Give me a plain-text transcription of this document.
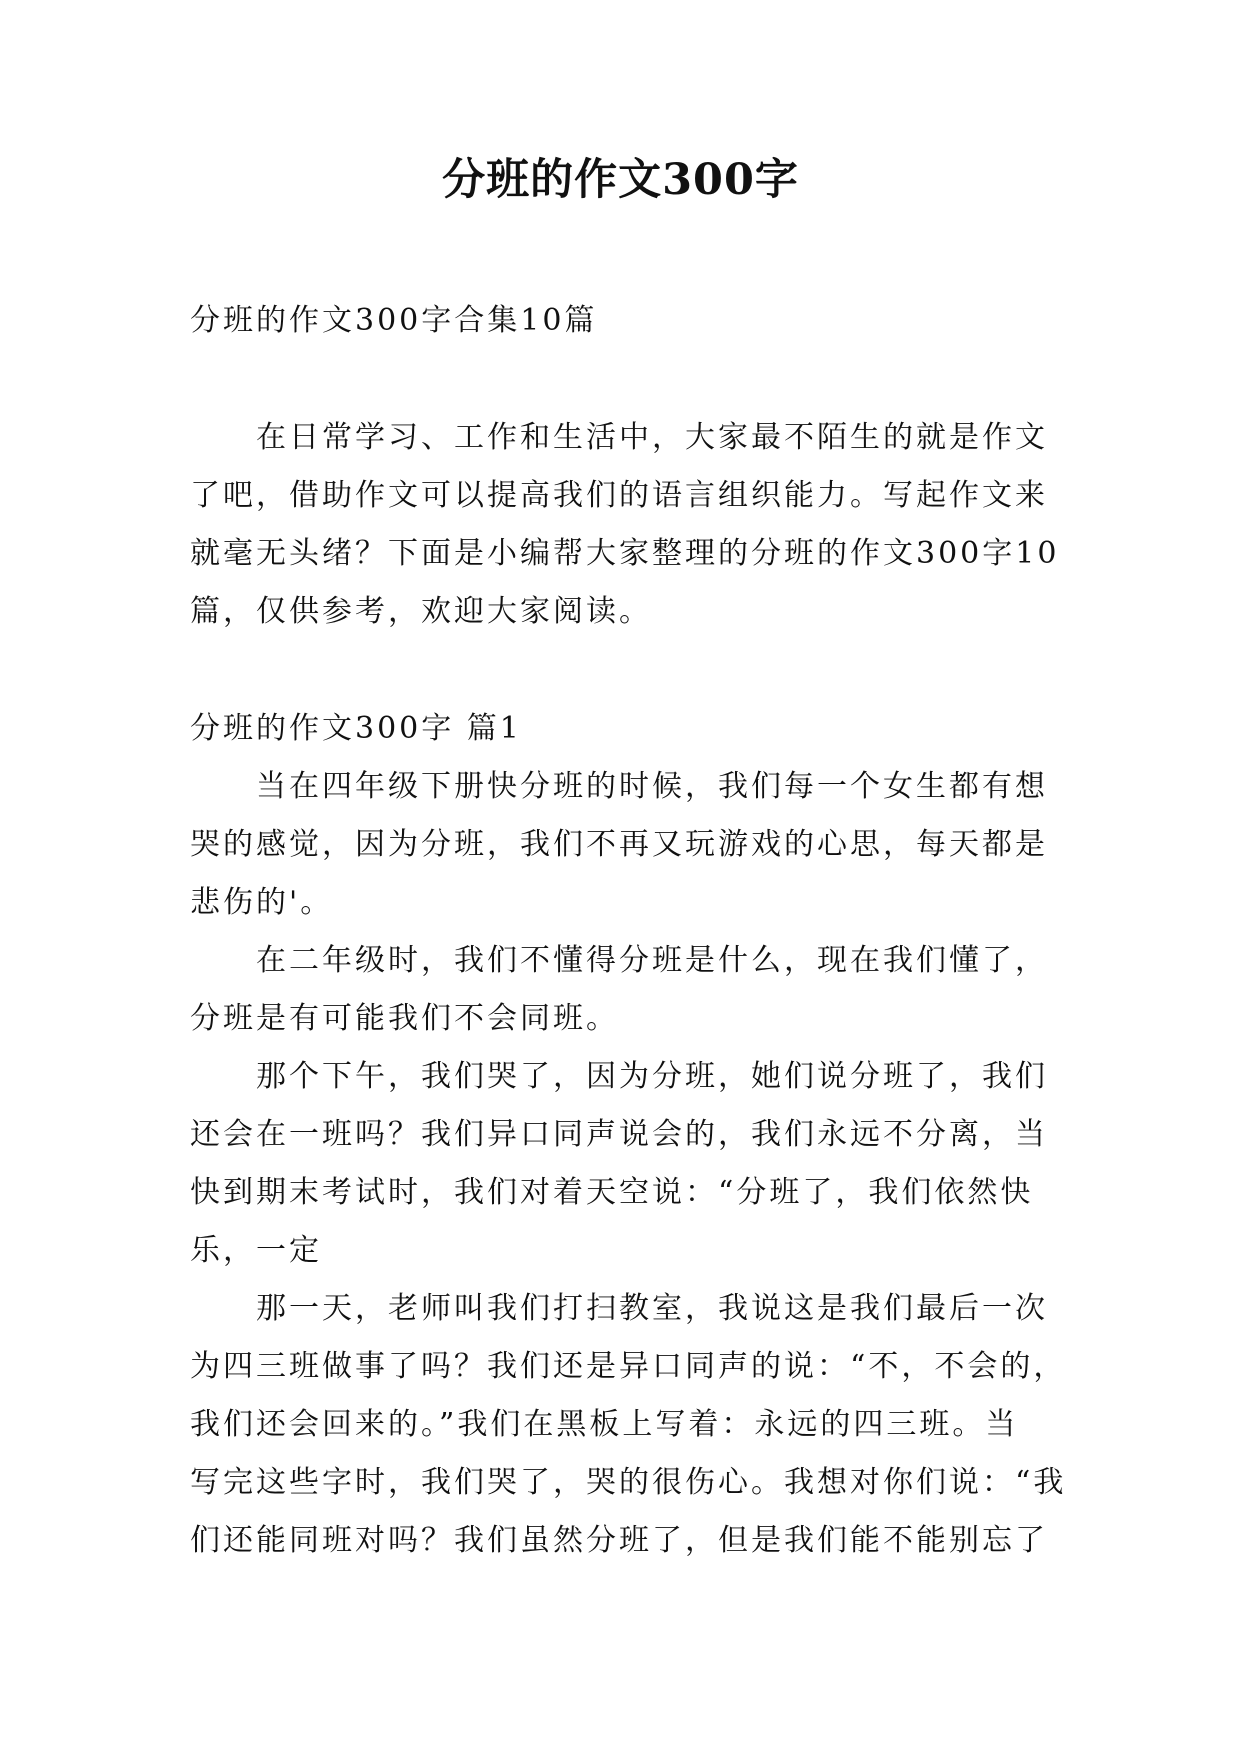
分班的作文300字
分班的作文300字合集10篇
　　在日常学习、工作和生活中，大家最不陌生的就是作文
了吧，借助作文可以提高我们的语言组织能力。写起作文来
就毫无头绪？下面是小编帮大家整理的分班的作文300字10
篇，仅供参考，欢迎大家阅读。
分班的作文300字 篇1
　　当在四年级下册快分班的时候，我们每一个女生都有想
哭的感觉，因为分班，我们不再又玩游戏的心思，每天都是
悲伤的'。
　　在二年级时，我们不懂得分班是什么，现在我们懂了，
分班是有可能我们不会同班。
　　那个下午，我们哭了，因为分班，她们说分班了，我们
还会在一班吗？我们异口同声说会的，我们永远不分离，当
快到期末考试时，我们对着天空说：“分班了，我们依然快
乐，一定
　　那一天，老师叫我们打扫教室，我说这是我们最后一次
为四三班做事了吗？我们还是异口同声的说：“不，不会的，
我们还会回来的。”我们在黑板上写着：永远的四三班。当
写完这些字时，我们哭了，哭的很伤心。我想对你们说：“我
们还能同班对吗？我们虽然分班了，但是我们能不能别忘了
